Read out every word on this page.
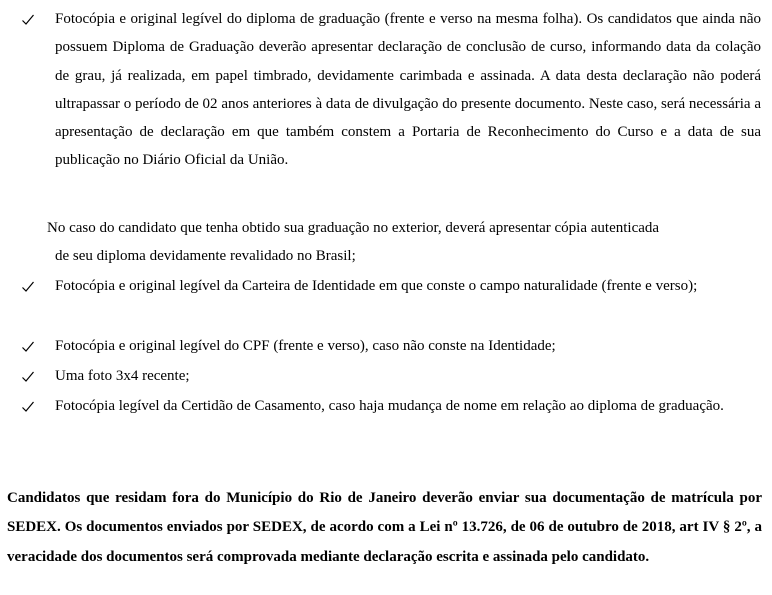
Fotocópia e original legível do diploma de graduação (frente e verso na mesma folha). Os candidatos que ainda não possuem Diploma de Graduação deverão apresentar declaração de conclusão de curso, informando data da colação de grau, já realizada, em papel timbrado, devidamente carimbada e assinada. A data desta declaração não poderá ultrapassar o período de 02 anos anteriores à data de divulgação do presente documento. Neste caso, será necessária a apresentação de declaração em que também constem a Portaria de Reconhecimento do Curso e a data de sua publicação no Diário Oficial da União.
No caso do candidato que tenha obtido sua graduação no exterior, deverá apresentar cópia autenticada
de seu diploma devidamente revalidado no Brasil;
Fotocópia e original legível da Carteira de Identidade em que conste o campo naturalidade (frente e verso);
Fotocópia e original legível do CPF (frente e verso), caso não conste na Identidade;
Uma foto 3x4 recente;
Fotocópia legível da Certidão de Casamento, caso haja mudança de nome em relação ao diploma de graduação.
Candidatos que residam fora do Município do Rio de Janeiro deverão enviar sua documentação de matrícula por SEDEX. Os documentos enviados por SEDEX, de acordo com a Lei nº 13.726, de 06 de outubro de 2018, art IV § 2º, a veracidade dos documentos será comprovada mediante declaração escrita e assinada pelo candidato.
